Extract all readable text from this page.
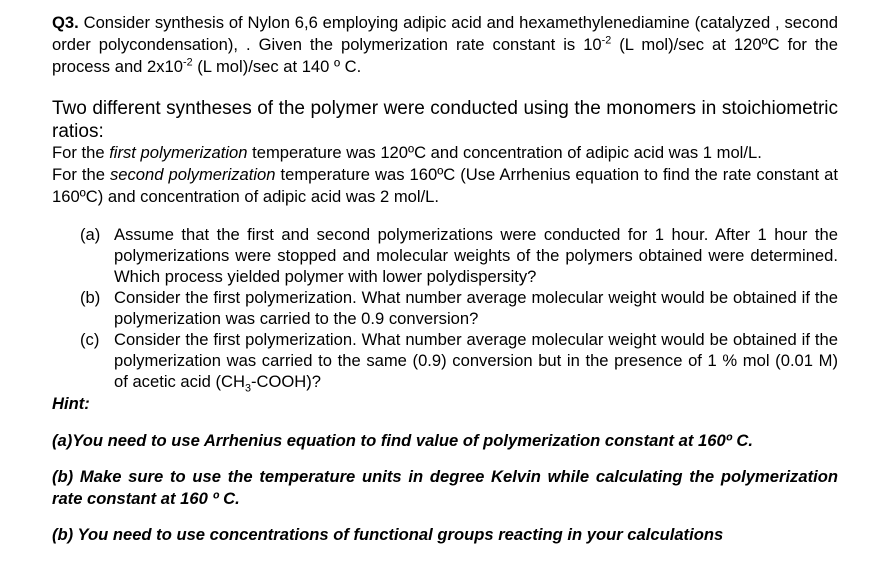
Q3. Consider synthesis of Nylon 6,6 employing adipic acid and hexamethylenediamine (catalyzed , second order polycondensation), . Given the polymerization rate constant is $10^{-2}$ (L mol)/sec at 120ºC for the process and $2x10^{-2}$ (L mol)/sec at 140 º C.
Two different syntheses of the polymer were conducted using the monomers in stoichiometric ratios:
For the first polymerization temperature was 120ºC and concentration of adipic acid was 1 mol/L.
For the second polymerization temperature was 160ºC (Use Arrhenius equation to find the rate constant at 160ºC) and concentration of adipic acid was 2 mol/L.
(a) Assume that the first and second polymerizations were conducted for 1 hour. After 1 hour the polymerizations were stopped and molecular weights of the polymers obtained were determined. Which process yielded polymer with lower polydispersity?
(b) Consider the first polymerization. What number average molecular weight would be obtained if the polymerization was carried to the 0.9 conversion?
(c) Consider the first polymerization. What number average molecular weight would be obtained if the polymerization was carried to the same (0.9) conversion but in the presence of 1 % mol (0.01 M) of acetic acid $(CH_3-COOH)$?
Hint:
(a)You need to use Arrhenius equation to find value of polymerization constant at 160º C.
(b) Make sure to use the temperature units in degree Kelvin while calculating the polymerization rate constant at 160 º C.
(b) You need to use concentrations of functional groups reacting in your calculations
